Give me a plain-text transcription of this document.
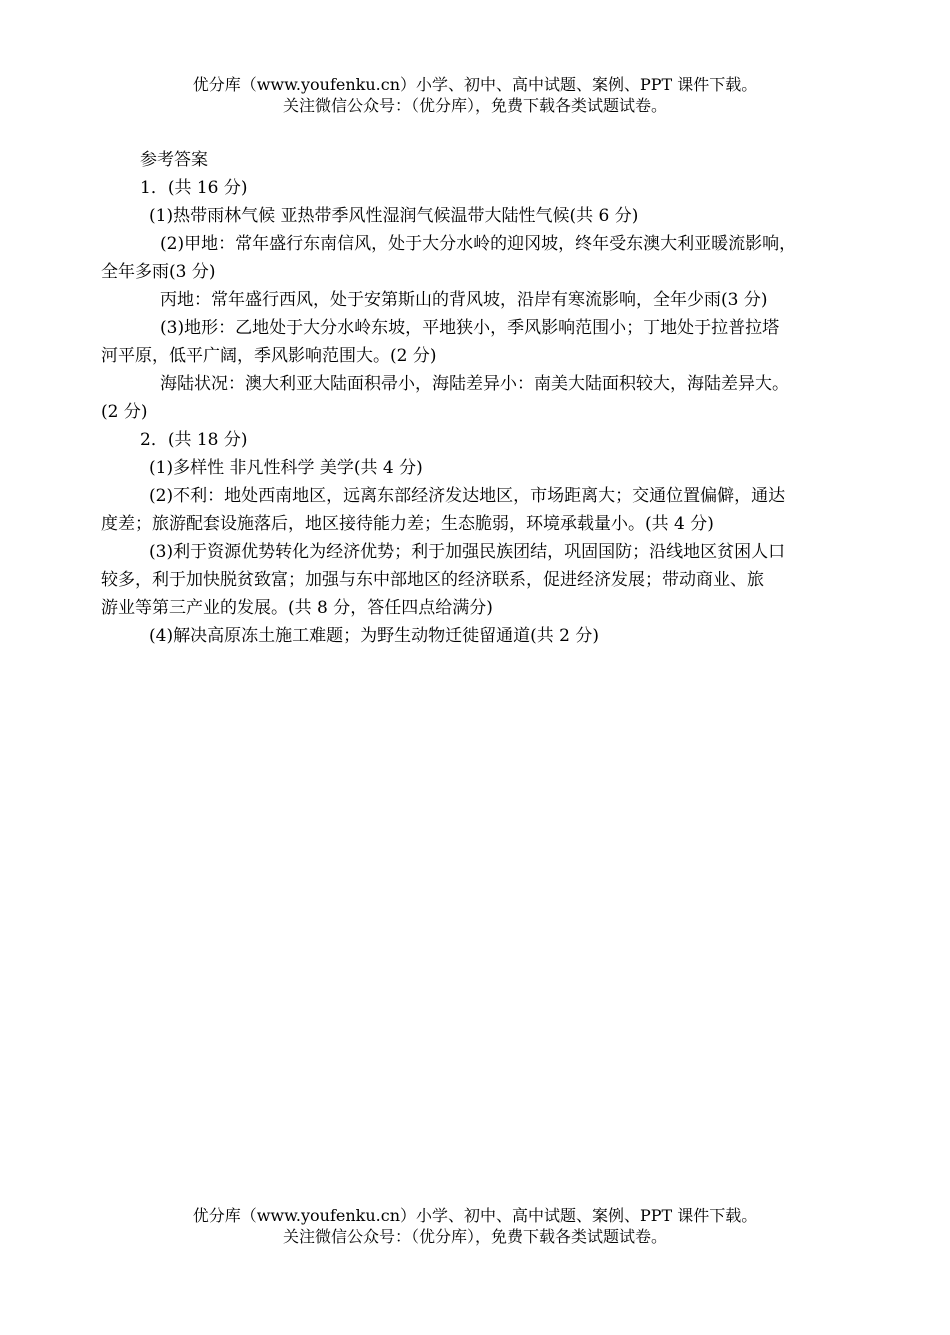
优分库（www.youfenku.cn）小学、初中、高中试题、案例、PPT 课件下载。
关注微信公众号：（优分库），免费下载各类试题试卷。

参考答案

1．(共 16 分)

(1)热带雨林气候 亚热带季风性湿润气候温带大陆性气候(共 6 分)

(2)甲地：常年盛行东南信风，处于大分水岭的迎冈坡，终年受东澳大利亚暖流影响，

全年多雨(3 分)

丙地：常年盛行西风，处于安第斯山的背风坡，沿岸有寒流影响，全年少雨(3 分)

(3)地形：乙地处于大分水岭东坡，平地狭小，季风影响范围小；丁地处于拉普拉塔

河平原，低平广阔，季风影响范围大。(2 分)

海陆状况：澳大利亚大陆面积帚小，海陆差异小：南美大陆面积较大，海陆差异大。

(2 分)

2．(共 18 分)

(1)多样性 非凡性科学 美学(共 4 分)

(2)不利：地处西南地区，远离东部经济发达地区，市场距离大；交通位置偏僻，通达

度差；旅游配套设施落后，地区接待能力差；生态脆弱，环境承载量小。(共 4 分)

(3)利于资源优势转化为经济优势；利于加强民族团结，巩固国防；沿线地区贫困人口

较多，利于加快脱贫致富；加强与东中部地区的经济联系，促进经济发展；带动商业、旅

游业等第三产业的发展。(共 8 分，答任四点给满分)

(4)解决高原冻土施工难题；为野生动物迁徙留通道(共 2 分)

优分库（www.youfenku.cn）小学、初中、高中试题、案例、PPT 课件下载。
关注微信公众号：（优分库），免费下载各类试题试卷。
